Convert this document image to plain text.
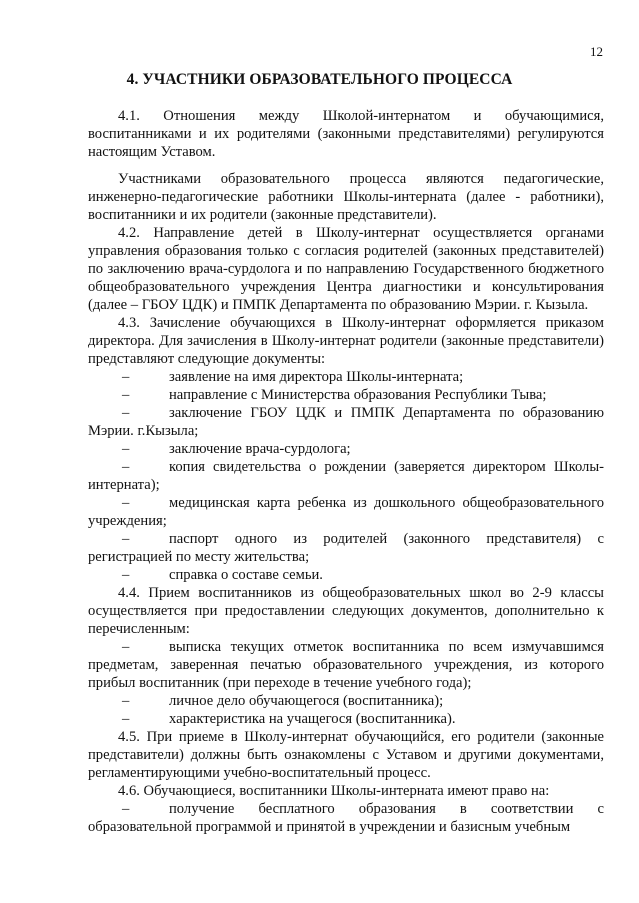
12
4. УЧАСТНИКИ ОБРАЗОВАТЕЛЬНОГО ПРОЦЕССА

4.1. Отношения между Школой-интернатом и обучающимися, воспитанниками и их родителями (законными представителями) регулируются настоящим Уставом.

Участниками образовательного процесса являются педагогические, инженерно-педагогические работники Школы-интерната (далее - работники), воспитанники и их родители (законные представители).

4.2. Направление детей в Школу-интернат осуществляется органами управления образования только с согласия родителей (законных представителей) по заключению врача-сурдолога и по направлению Государственного бюджетного общеобразовательного учреждения Центра диагностики и консультирования (далее – ГБОУ ЦДК) и ПМПК Департамента по образованию Мэрии. г. Кызыла.

4.3. Зачисление обучающихся в Школу-интернат оформляется приказом директора. Для зачисления в Школу-интернат родители (законные представители) представляют следующие документы:

–	заявление на имя директора Школы-интерната;

–	направление с Министерства образования Республики Тыва;

–	заключение ГБОУ ЦДК и ПМПК Департамента по образованию Мэрии. г.Кызыла;

–	заключение врача-сурдолога;

–	копия свидетельства о рождении (заверяется директором Школы-интерната);

–	медицинская карта ребенка из дошкольного общеобразовательного учреждения;

–	паспорт одного из родителей (законного представителя) с регистрацией по месту жительства;

–	справка о составе семьи.

4.4. Прием воспитанников из общеобразовательных школ во 2-9 классы осуществляется при предоставлении следующих документов, дополнительно к перечисленным:

–	выписка текущих отметок воспитанника по всем измучавшимся предметам, заверенная печатью образовательного учреждения, из которого прибыл воспитанник (при переходе в течение учебного года);

–	личное дело обучающегося (воспитанника);

–	характеристика на учащегося (воспитанника).

4.5. При приеме в Школу-интернат обучающийся, его родители (законные представители) должны быть ознакомлены с Уставом и другими документами, регламентирующими учебно-воспитательный процесс.

4.6. Обучающиеся, воспитанники Школы-интерната имеют право на:

–	получение бесплатного образования в соответствии с образовательной программой и принятой в учреждении и базисным учебным
